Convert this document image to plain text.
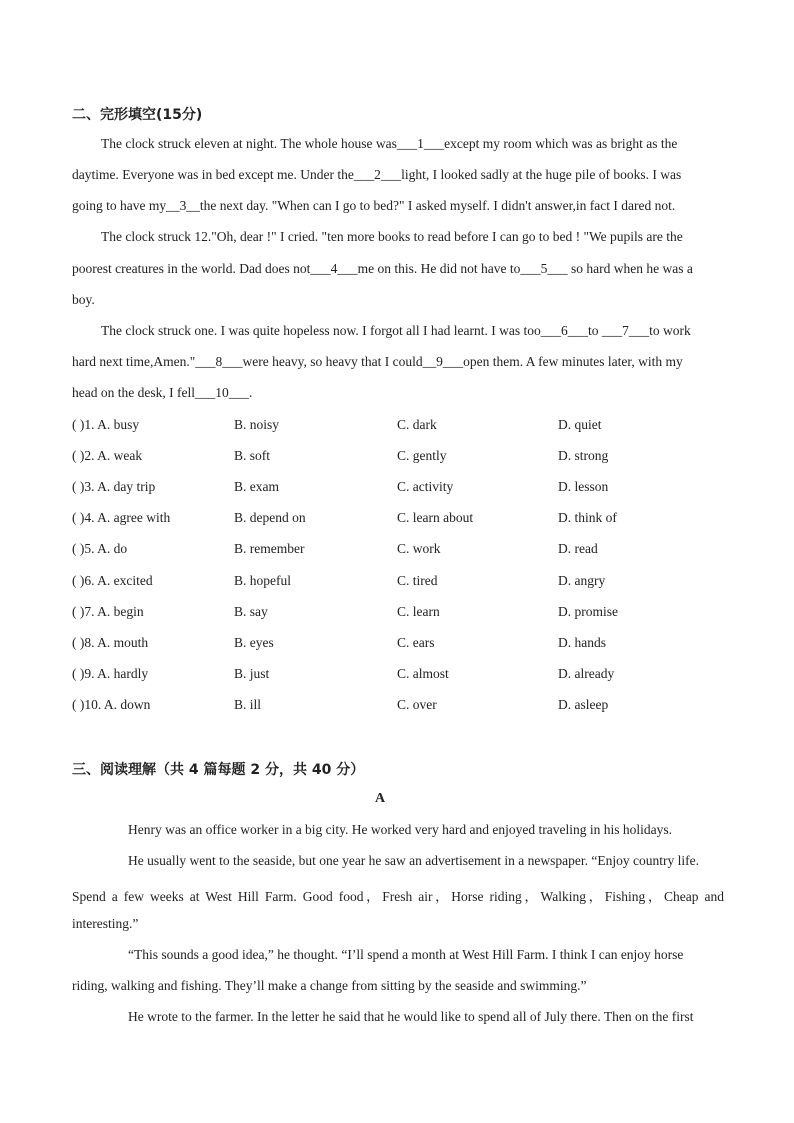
二、完形填空(15分)
The clock struck eleven at night. The whole house was___1___except my room which was as bright as the
daytime. Everyone was in bed except me. Under the___2___light, I looked sadly at the huge pile of books. I was
going to have my__3__the next day. "When can I go to bed?" I asked myself. I didn't answer,in fact I dared not.
The clock struck 12."Oh, dear !" I cried. "ten more books to read before I can go to bed ! "We pupils are the
poorest creatures in the world. Dad does not___4___me on this. He did not have to___5___ so hard when he was a
boy.
The clock struck one. I was quite hopeless now. I forgot all I had learnt. I was too___6___to ___7___to work
hard next time,Amen."___8___were heavy, so heavy that I could__9___open them. A few minutes later, with my
head on the desk, I fell___10___.
( )1. A. busy	B. noisy	C. dark	D. quiet
( )2. A. weak	B. soft	C. gently	D. strong
( )3. A. day trip	B. exam	C. activity	D. lesson
( )4. A. agree with	B. depend on	C. learn about	D. think of
( )5. A. do	B. remember	C. work	D. read
( )6. A. excited	B. hopeful	C. tired	D. angry
( )7. A. begin	B. say	C. learn	D. promise
( )8. A. mouth	B. eyes	C. ears	D. hands
( )9. A. hardly	B. just	C. almost	D. already
( )10. A. down	B. ill	C. over	D. asleep
三、阅读理解（共 4 篇每题 2 分，共 40 分）
A
Henry was an office worker in a big city. He worked very hard and enjoyed traveling in his holidays.
He usually went to the seaside, but one year he saw an advertisement in a newspaper. “Enjoy country life.
Spend a few weeks at West Hill Farm. Good food，Fresh air，Horse riding，Walking，Fishing，Cheap and
interesting.”
“This sounds a good idea,” he thought. “I’ll spend a month at West Hill Farm. I think I can enjoy horse
riding, walking and fishing. They’ll make a change from sitting by the seaside and swimming.”
He wrote to the farmer. In the letter he said that he would like to spend all of July there. Then on the first
